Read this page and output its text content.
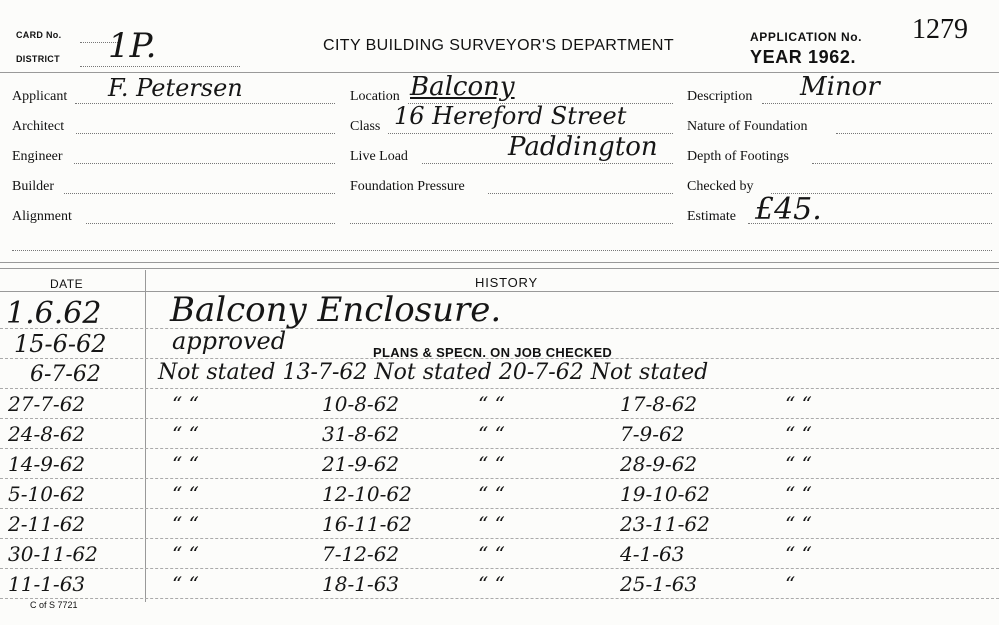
CARD No.
DISTRICT 1P.	CITY BUILDING SURVEYOR'S DEPARTMENT	APPLICATION No.
YEAR 1962.
1279
Applicant F. Petersen
Architect
Engineer
Builder
Alignment
Location Balcony
Class 16 Hereford Street
Live Load	Paddington
Foundation Pressure
Description Minor
Nature of Foundation
Depth of Footings
Checked by
Estimate £45.
DATE	HISTORY
1.6.62 Balcony Enclosure.
15-6-62	approved	PLANS & SPECN. ON JOB CHECKED
6-7-62	Not stated 13-7-62 Not stated 20-7-62 Not stated
27-7-62	“ “	10-8-62	“ “	17-8-62	“ “
24-8-62	“ “	31-8-62	“ “	7-9-62	“ “
14-9-62	“ “	21-9-62	“ “	28-9-62	“ “
5-10-62	“ “	12-10-62	“ “	19-10-62	“ “
2-11-62	“ “	16-11-62	“ “	23-11-62	“ “
30-11-62	“ “	7-12-62	“ “	4-1-63	“ “
11-1-63	“ “	18-1-63	“ “	25-1-63	“
C of S 7721
